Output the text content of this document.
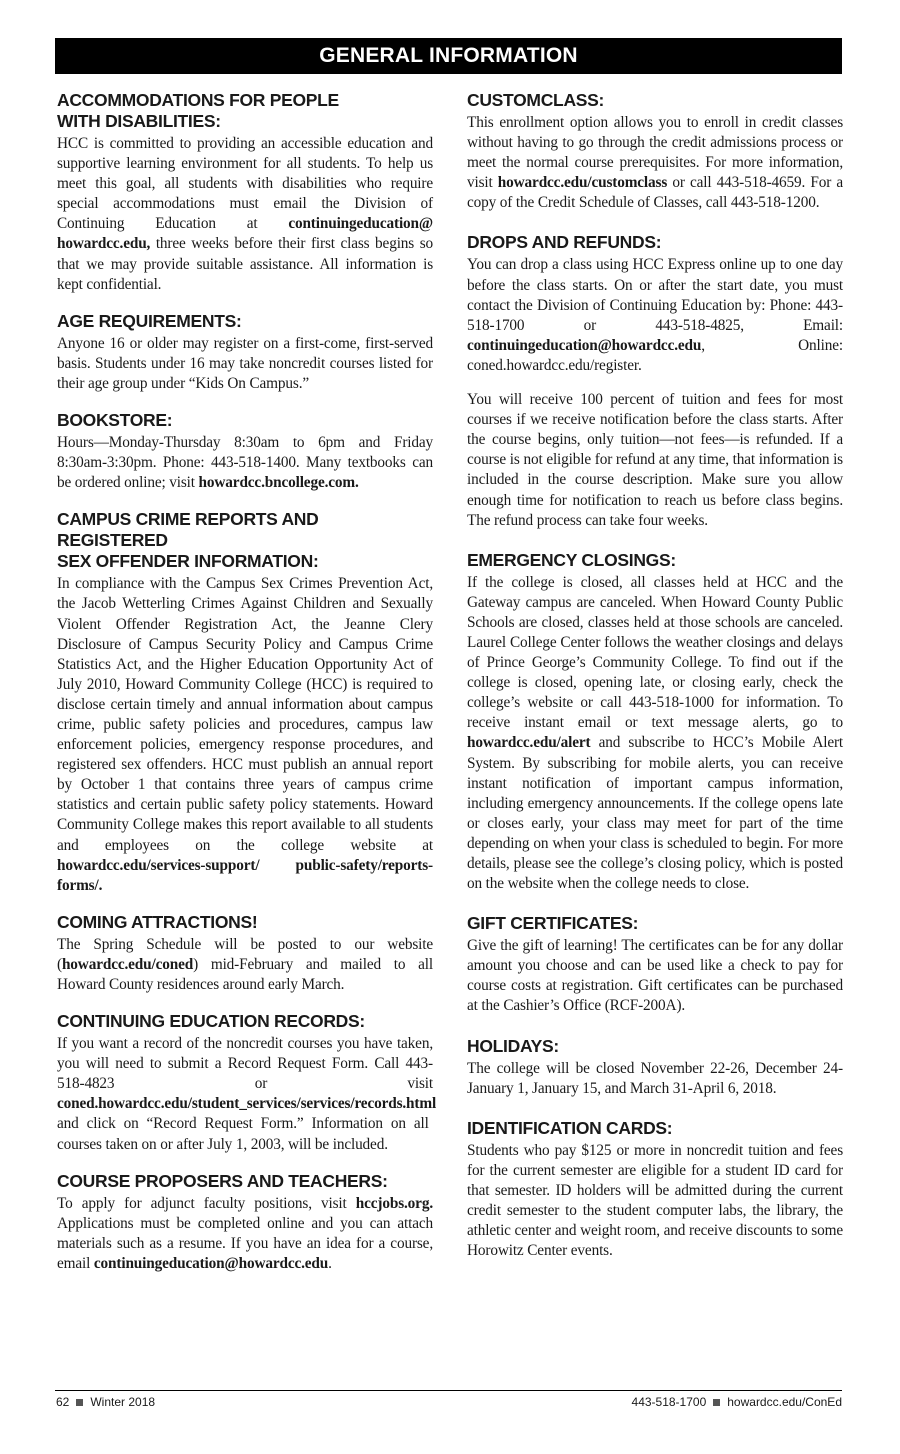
GENERAL INFORMATION
ACCOMMODATIONS FOR PEOPLE
WITH DISABILITIES:

HCC is committed to providing an accessible education and supportive learning environment for all students. To help us meet this goal, all students with disabilities who require special accommodations must email the Division of Continuing Education at continuingeducation@ howardcc.edu, three weeks before their first class begins so that we may provide suitable assistance. All information is kept confidential.

AGE REQUIREMENTS:

Anyone 16 or older may register on a first-come, first-served basis. Students under 16 may take noncredit courses listed for their age group under “Kids On Campus.”

BOOKSTORE:

Hours—Monday-Thursday 8:30am to 6pm and Friday 8:30am-3:30pm. Phone: 443-518-1400. Many textbooks can be ordered online; visit howardcc.bncollege.com.

CAMPUS CRIME REPORTS AND REGISTERED
SEX OFFENDER INFORMATION:

In compliance with the Campus Sex Crimes Prevention Act, the Jacob Wetterling Crimes Against Children and Sexually Violent Offender Registration Act, the Jeanne Clery Disclosure of Campus Security Policy and Campus Crime Statistics Act, and the Higher Education Opportunity Act of July 2010, Howard Community College (HCC) is required to disclose certain timely and annual information about campus crime, public safety policies and procedures, campus law enforcement policies, emergency response procedures, and registered sex offenders. HCC must publish an annual report by October 1 that contains three years of campus crime statistics and certain public safety policy statements. Howard Community College makes this report available to all students and employees on the college website at howardcc.edu/services-support/ public-safety/reports-forms/.

COMING ATTRACTIONS!

The Spring Schedule will be posted to our website (howardcc.edu/coned) mid-February and mailed to all Howard County residences around early March.

CONTINUING EDUCATION RECORDS:

If you want a record of the noncredit courses you have taken, you will need to submit a Record Request Form. Call 443-518-4823 or visit coned.howardcc.edu/student_services/services/records.html and click on “Record Request Form.” Information on all courses taken on or after July 1, 2003, will be included.

COURSE PROPOSERS AND TEACHERS:

To apply for adjunct faculty positions, visit hccjobs.org. Applications must be completed online and you can attach materials such as a resume. If you have an idea for a course, email continuingeducation@howardcc.edu.

CUSTOMCLASS:

This enrollment option allows you to enroll in credit classes without having to go through the credit admissions process or meet the normal course prerequisites. For more information, visit howardcc.edu/customclass or call 443-518-4659. For a copy of the Credit Schedule of Classes, call 443-518-1200.

DROPS AND REFUNDS:

You can drop a class using HCC Express online up to one day before the class starts. On or after the start date, you must contact the Division of Continuing Education by: Phone: 443-518-1700 or 443-518-4825, Email: continuingeducation@howardcc.edu, Online: coned.howardcc.edu/register.

You will receive 100 percent of tuition and fees for most courses if we receive notification before the class starts. After the course begins, only tuition—not fees—is refunded. If a course is not eligible for refund at any time, that information is included in the course description. Make sure you allow enough time for notification to reach us before class begins. The refund process can take four weeks.

EMERGENCY CLOSINGS:

If the college is closed, all classes held at HCC and the Gateway campus are canceled. When Howard County Public Schools are closed, classes held at those schools are canceled. Laurel College Center follows the weather closings and delays of Prince George’s Community College. To find out if the college is closed, opening late, or closing early, check the college’s website or call 443-518-1000 for information. To receive instant email or text message alerts, go to howardcc.edu/alert and subscribe to HCC’s Mobile Alert System. By subscribing for mobile alerts, you can receive instant notification of important campus information, including emergency announcements. If the college opens late or closes early, your class may meet for part of the time depending on when your class is scheduled to begin. For more details, please see the college’s closing policy, which is posted on the website when the college needs to close.

GIFT CERTIFICATES:

Give the gift of learning! The certificates can be for any dollar amount you choose and can be used like a check to pay for course costs at registration. Gift certificates can be purchased at the Cashier’s Office (RCF-200A).

HOLIDAYS:

The college will be closed November 22-26, December 24-January 1, January 15, and March 31-April 6, 2018.

IDENTIFICATION CARDS:

Students who pay $125 or more in noncredit tuition and fees for the current semester are eligible for a student ID card for that semester. ID holders will be admitted during the current credit semester to the student computer labs, the library, the athletic center and weight room, and receive discounts to some Horowitz Center events.

62 Winter 2018	443-518-1700 howardcc.edu/ConEd
